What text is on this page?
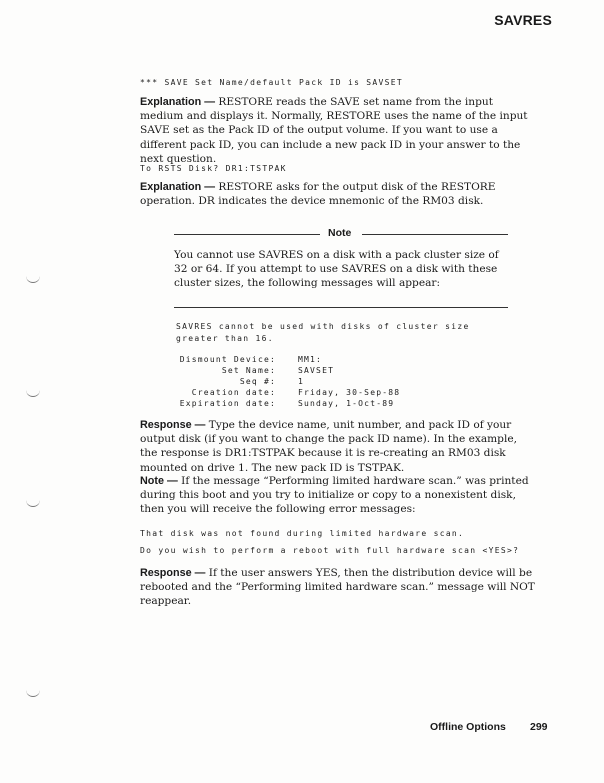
SAVRES
*** SAVE Set Name/default Pack ID is SAVSET
Explanation — RESTORE reads the SAVE set name from the input medium and displays it. Normally, RESTORE uses the name of the input SAVE set as the Pack ID of the output volume. If you want to use a different pack ID, you can include a new pack ID in your answer to the next question.
To RSTS Disk? DR1:TSTPAK
Explanation — RESTORE asks for the output disk of the RESTORE operation. DR indicates the device mnemonic of the RM03 disk.
Note
You cannot use SAVRES on a disk with a pack cluster size of 32 or 64. If you attempt to use SAVRES on a disk with these cluster sizes, the following messages will appear:
SAVRES cannot be used with disks of cluster size
greater than 16.
Dismount Device:	MM1:
Set Name:	SAVSET
Seq #:	1
Creation date:	Friday, 30-Sep-88
Expiration date:	Sunday, 1-Oct-89
Response — Type the device name, unit number, and pack ID of your output disk (if you want to change the pack ID name). In the example, the response is DR1:TSTPAK because it is re-creating an RM03 disk mounted on drive 1. The new pack ID is TSTPAK.
Note — If the message “Performing limited hardware scan.” was printed during this boot and you try to initialize or copy to a nonexistent disk, then you will receive the following error messages:
That disk was not found during limited hardware scan.
Do you wish to perform a reboot with full hardware scan <YES>?
Response — If the user answers YES, then the distribution device will be rebooted and the “Performing limited hardware scan.” message will NOT reappear.
Offline Options 299
